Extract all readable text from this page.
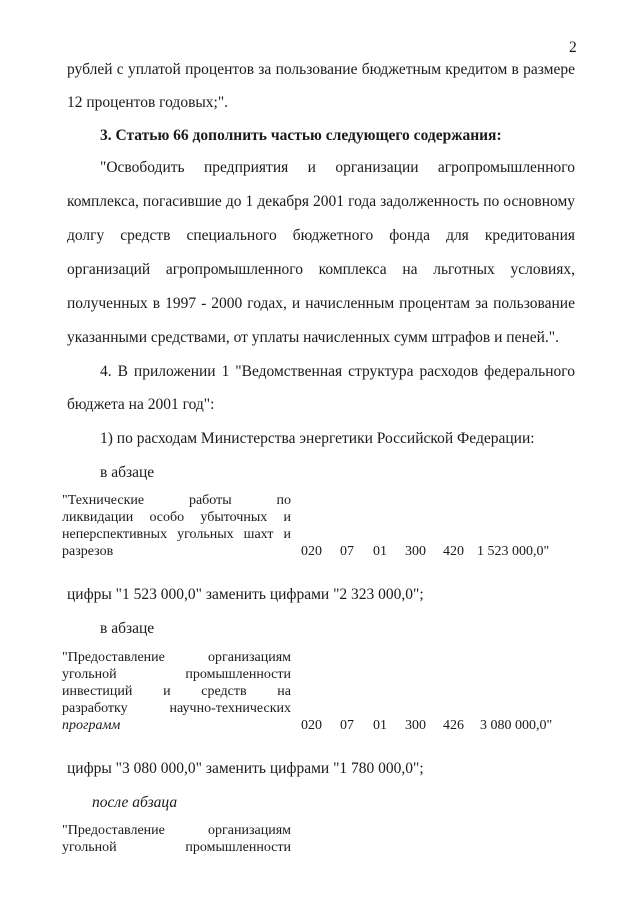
2
рублей с уплатой процентов за пользование бюджетным кредитом в размере
12 процентов годовых;".
3. Статью 66 дополнить частью следующего содержания:
"Освободить предприятия и организации агропромышленного
комплекса, погасившие до 1 декабря 2001 года задолженность по основному
долгу средств специального бюджетного фонда для кредитования
организаций агропромышленного комплекса на льготных условиях,
полученных в 1997 - 2000 годах, и начисленным процентам за пользование
указанными средствами, от уплаты начисленных сумм штрафов и пеней.".
4. В приложении 1 "Ведомственная структура расходов федерального
бюджета на 2001 год":
1) по расходам Министерства энергетики Российской Федерации:
в абзаце
"Технические работы по
ликвидации особо убыточных и
неперспективных угольных шахт и
разрезов	020 07 01 300 420 1 523 000,0"
цифры "1 523 000,0" заменить цифрами "2 323 000,0";
в абзаце
"Предоставление организациям
угольной промышленности
инвестиций и средств на
разработку научно-технических
программ	020 07 01 300 426 3 080 000,0"
цифры "3 080 000,0" заменить цифрами "1 780 000,0";
после абзаца
"Предоставление организациям
угольной промышленности
